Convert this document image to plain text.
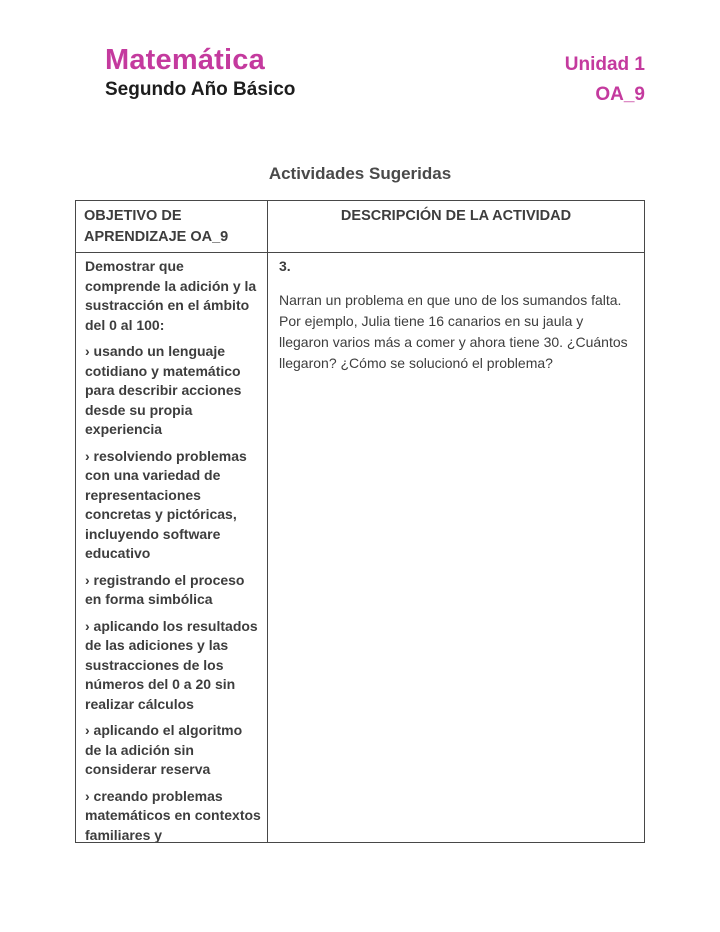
Matemática
Segundo Año Básico
Unidad 1
OA_9
Actividades Sugeridas
OBJETIVO DE APRENDIZAJE OA_9
DESCRIPCIÓN DE LA ACTIVIDAD

Demostrar que comprende la adición y la sustracción en el ámbito del 0 al 100:

› usando un lenguaje cotidiano y matemático para describir acciones desde su propia experiencia

› resolviendo problemas con una variedad de representaciones concretas y pictóricas, incluyendo software educativo

› registrando el proceso en forma simbólica

› aplicando los resultados de las adiciones y las sustracciones de los números del 0 a 20 sin realizar cálculos

› aplicando el algoritmo de la adición sin considerar reserva

› creando problemas matemáticos en contextos familiares y

3.

Narran un problema en que uno de los sumandos falta. Por ejemplo, Julia tiene 16 canarios en su jaula y llegaron varios más a comer y ahora tiene 30. ¿Cuántos llegaron? ¿Cómo se solucionó el problema?
